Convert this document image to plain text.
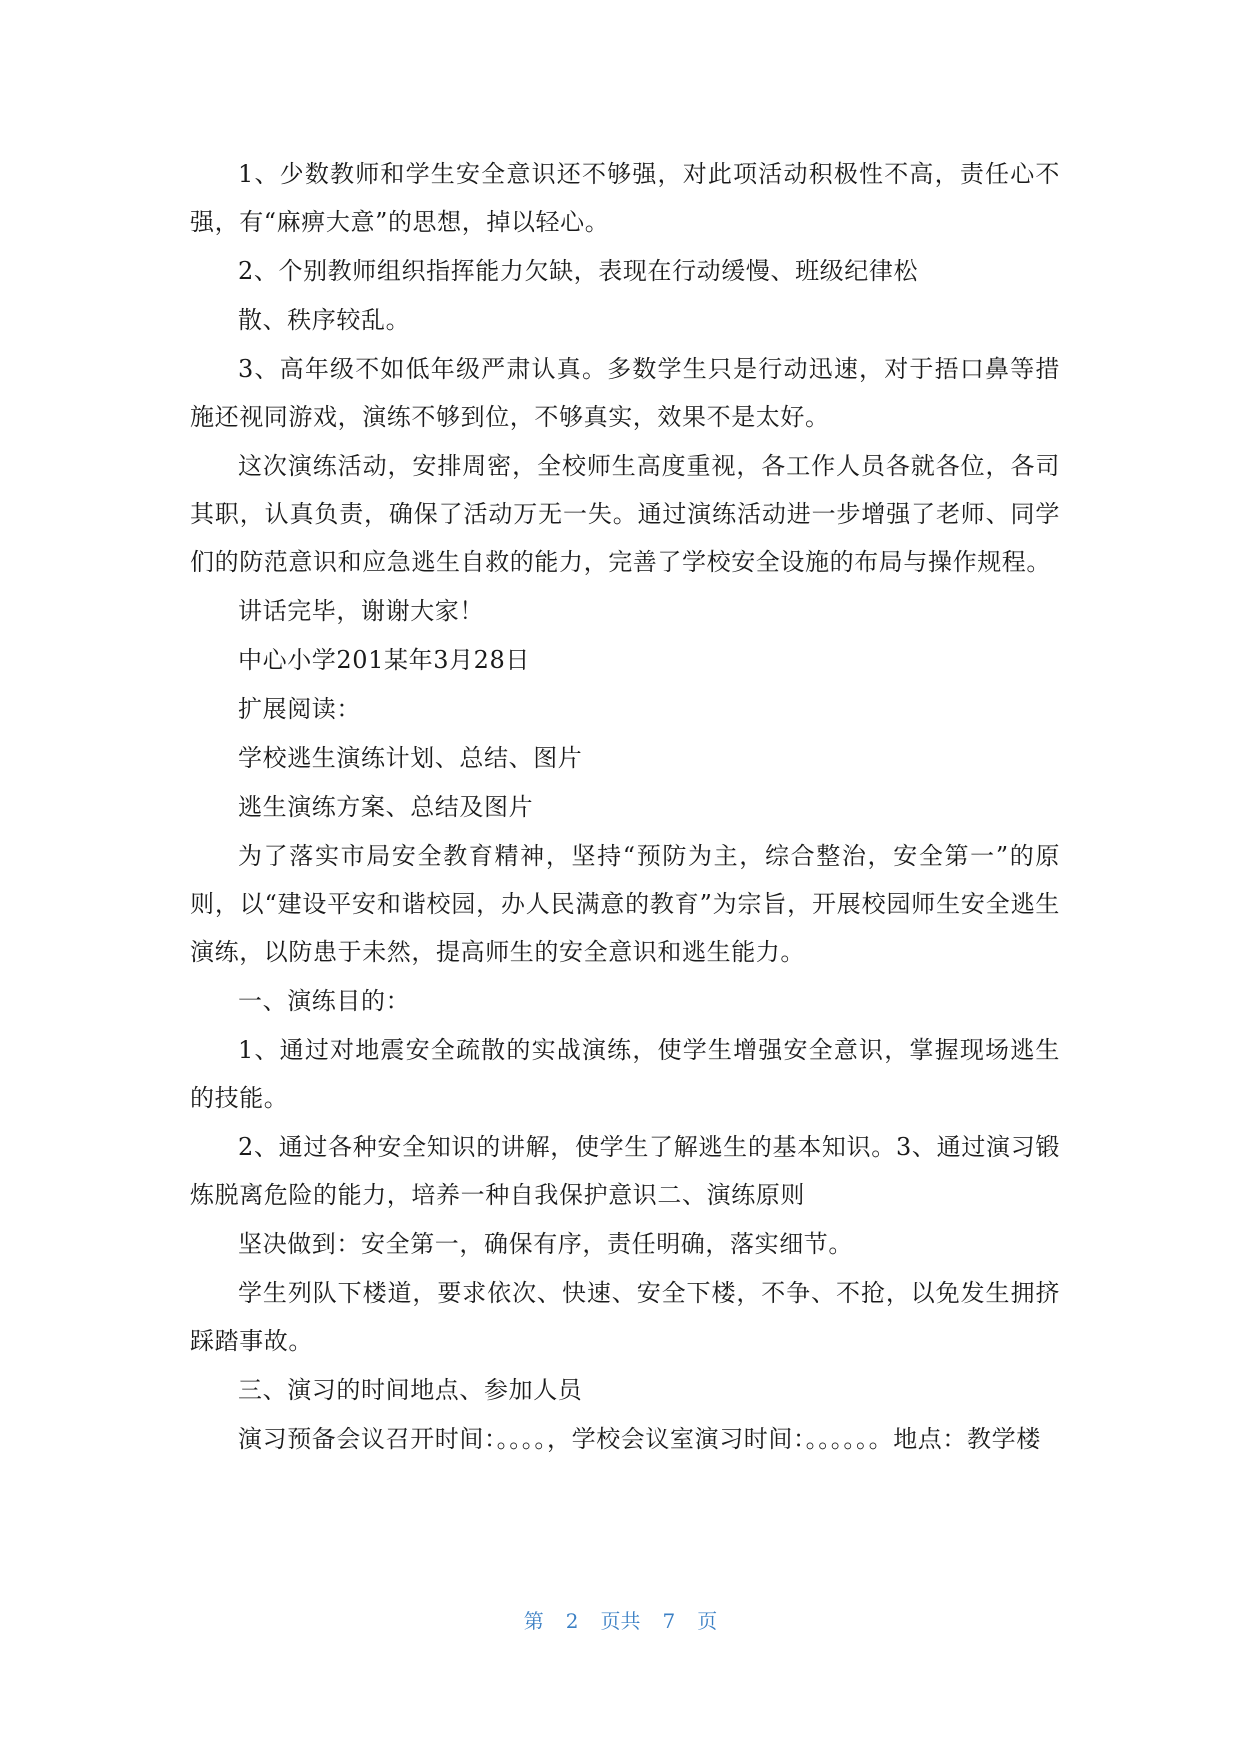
1、少数教师和学生安全意识还不够强，对此项活动积极性不高，责任心不强，有“麻痹大意”的思想，掉以轻心。

2、个别教师组织指挥能力欠缺，表现在行动缓慢、班级纪律松

散、秩序较乱。

3、高年级不如低年级严肃认真。多数学生只是行动迅速，对于捂口鼻等措施还视同游戏，演练不够到位，不够真实，效果不是太好。

这次演练活动，安排周密，全校师生高度重视，各工作人员各就各位，各司其职，认真负责，确保了活动万无一失。通过演练活动进一步增强了老师、同学们的防范意识和应急逃生自救的能力，完善了学校安全设施的布局与操作规程。

讲话完毕，谢谢大家！

中心小学201某年3月28日

扩展阅读：

学校逃生演练计划、总结、图片

逃生演练方案、总结及图片

为了落实市局安全教育精神，坚持“预防为主，综合整治，安全第一”的原则，以“建设平安和谐校园，办人民满意的教育”为宗旨，开展校园师生安全逃生演练，以防患于未然，提高师生的安全意识和逃生能力。

一、演练目的：

1、通过对地震安全疏散的实战演练，使学生增强安全意识，掌握现场逃生的技能。

2、通过各种安全知识的讲解，使学生了解逃生的基本知识。3、通过演习锻炼脱离危险的能力，培养一种自我保护意识二、演练原则

坚决做到：安全第一，确保有序，责任明确，落实细节。

学生列队下楼道，要求依次、快速、安全下楼，不争、不抢，以免发生拥挤踩踏事故。

三、演习的时间地点、参加人员

演习预备会议召开时间：。。。。，学校会议室演习时间：。。。。。。地点：教学楼

第 2 页共 7 页
